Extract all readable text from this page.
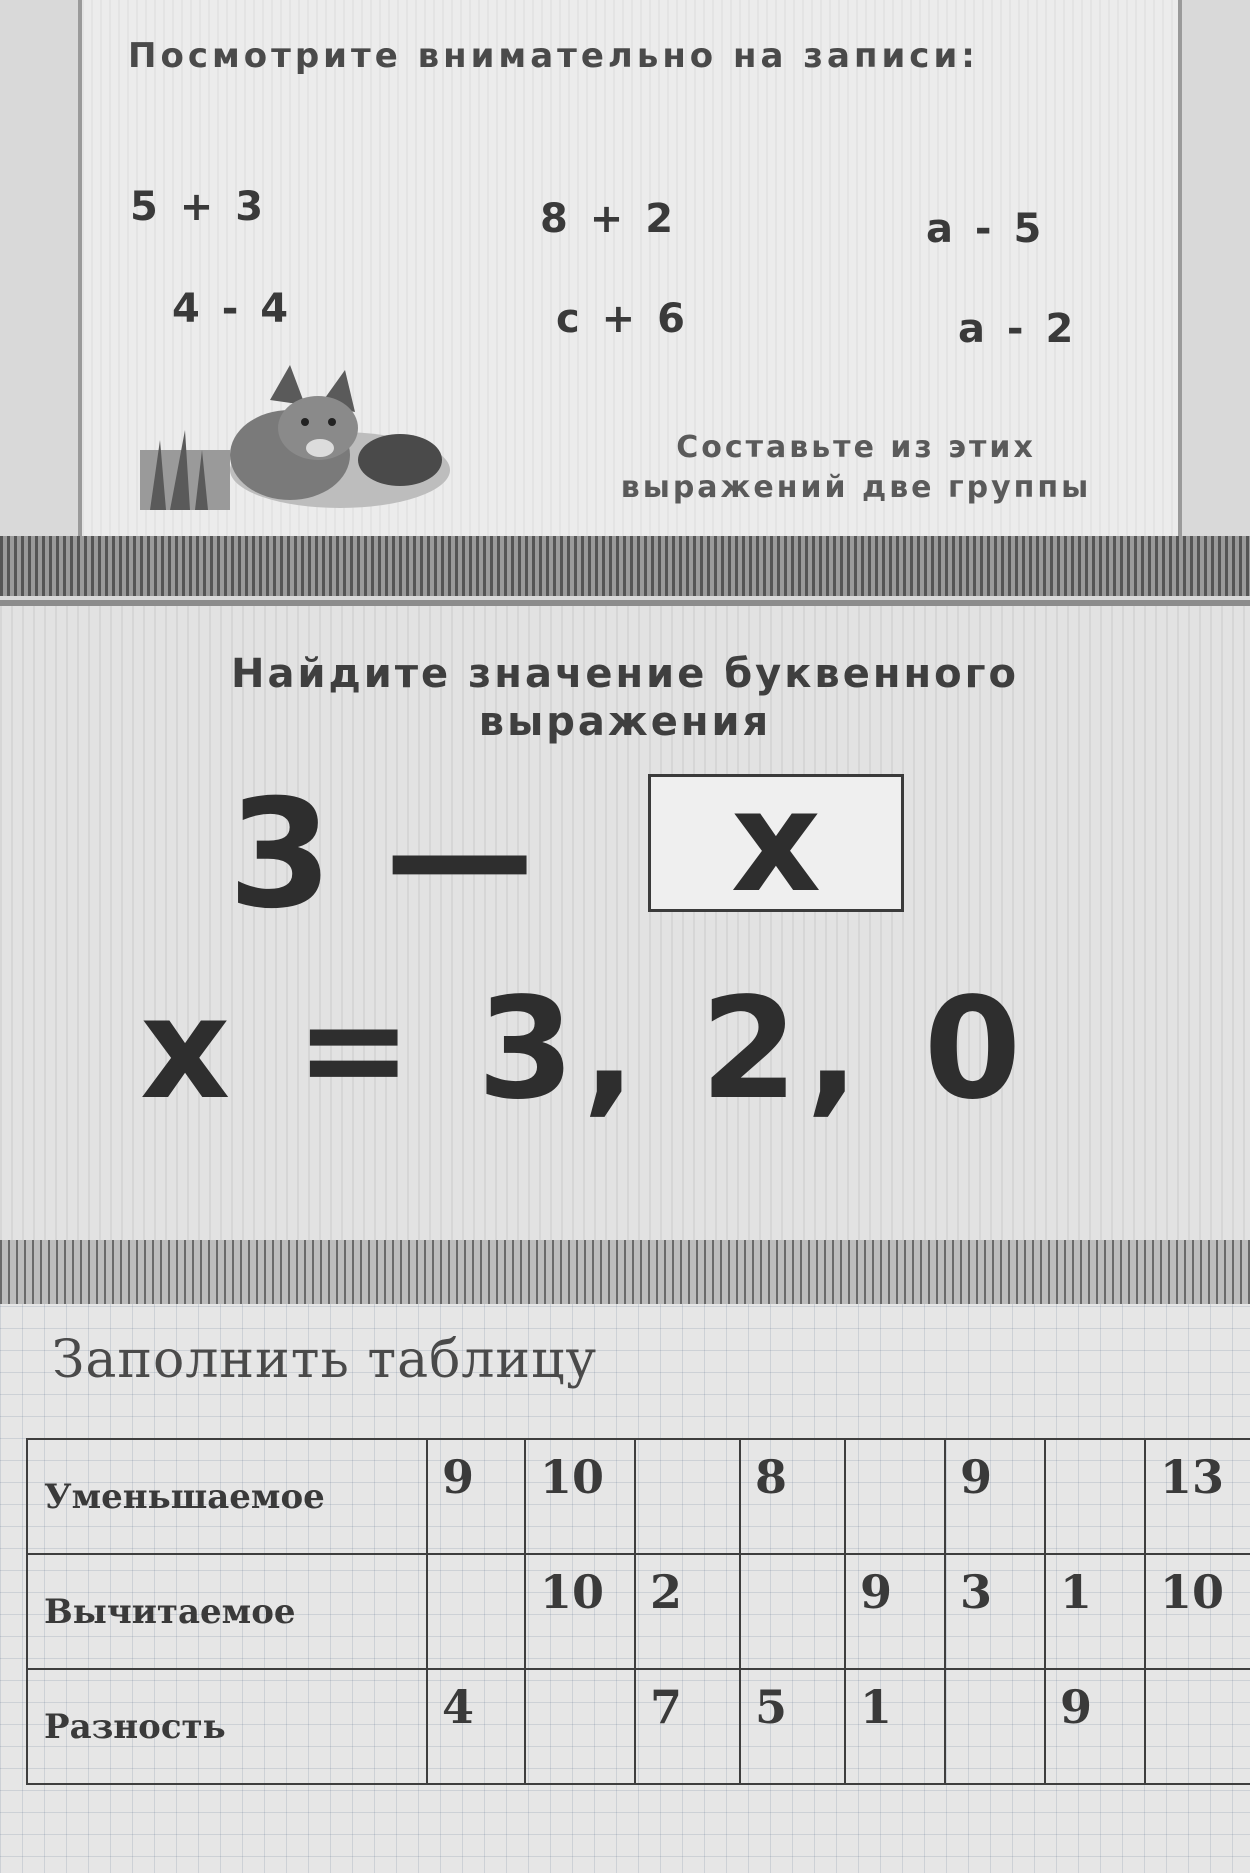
Посмотрите внимательно на записи:
5 + 3	8 + 2	а - 5
4 - 4	с + 6	а - 2
Составьте из этих
выражений две группы
Найдите значение буквенного
выражения
3 —	х
х = 3, 2, 0
Заполнить таблицу
Уменьшаемое	9	10		8		9		13
Вычитаемое		10	2		9	3	1	10
Разность	4		7	5	1		9	
